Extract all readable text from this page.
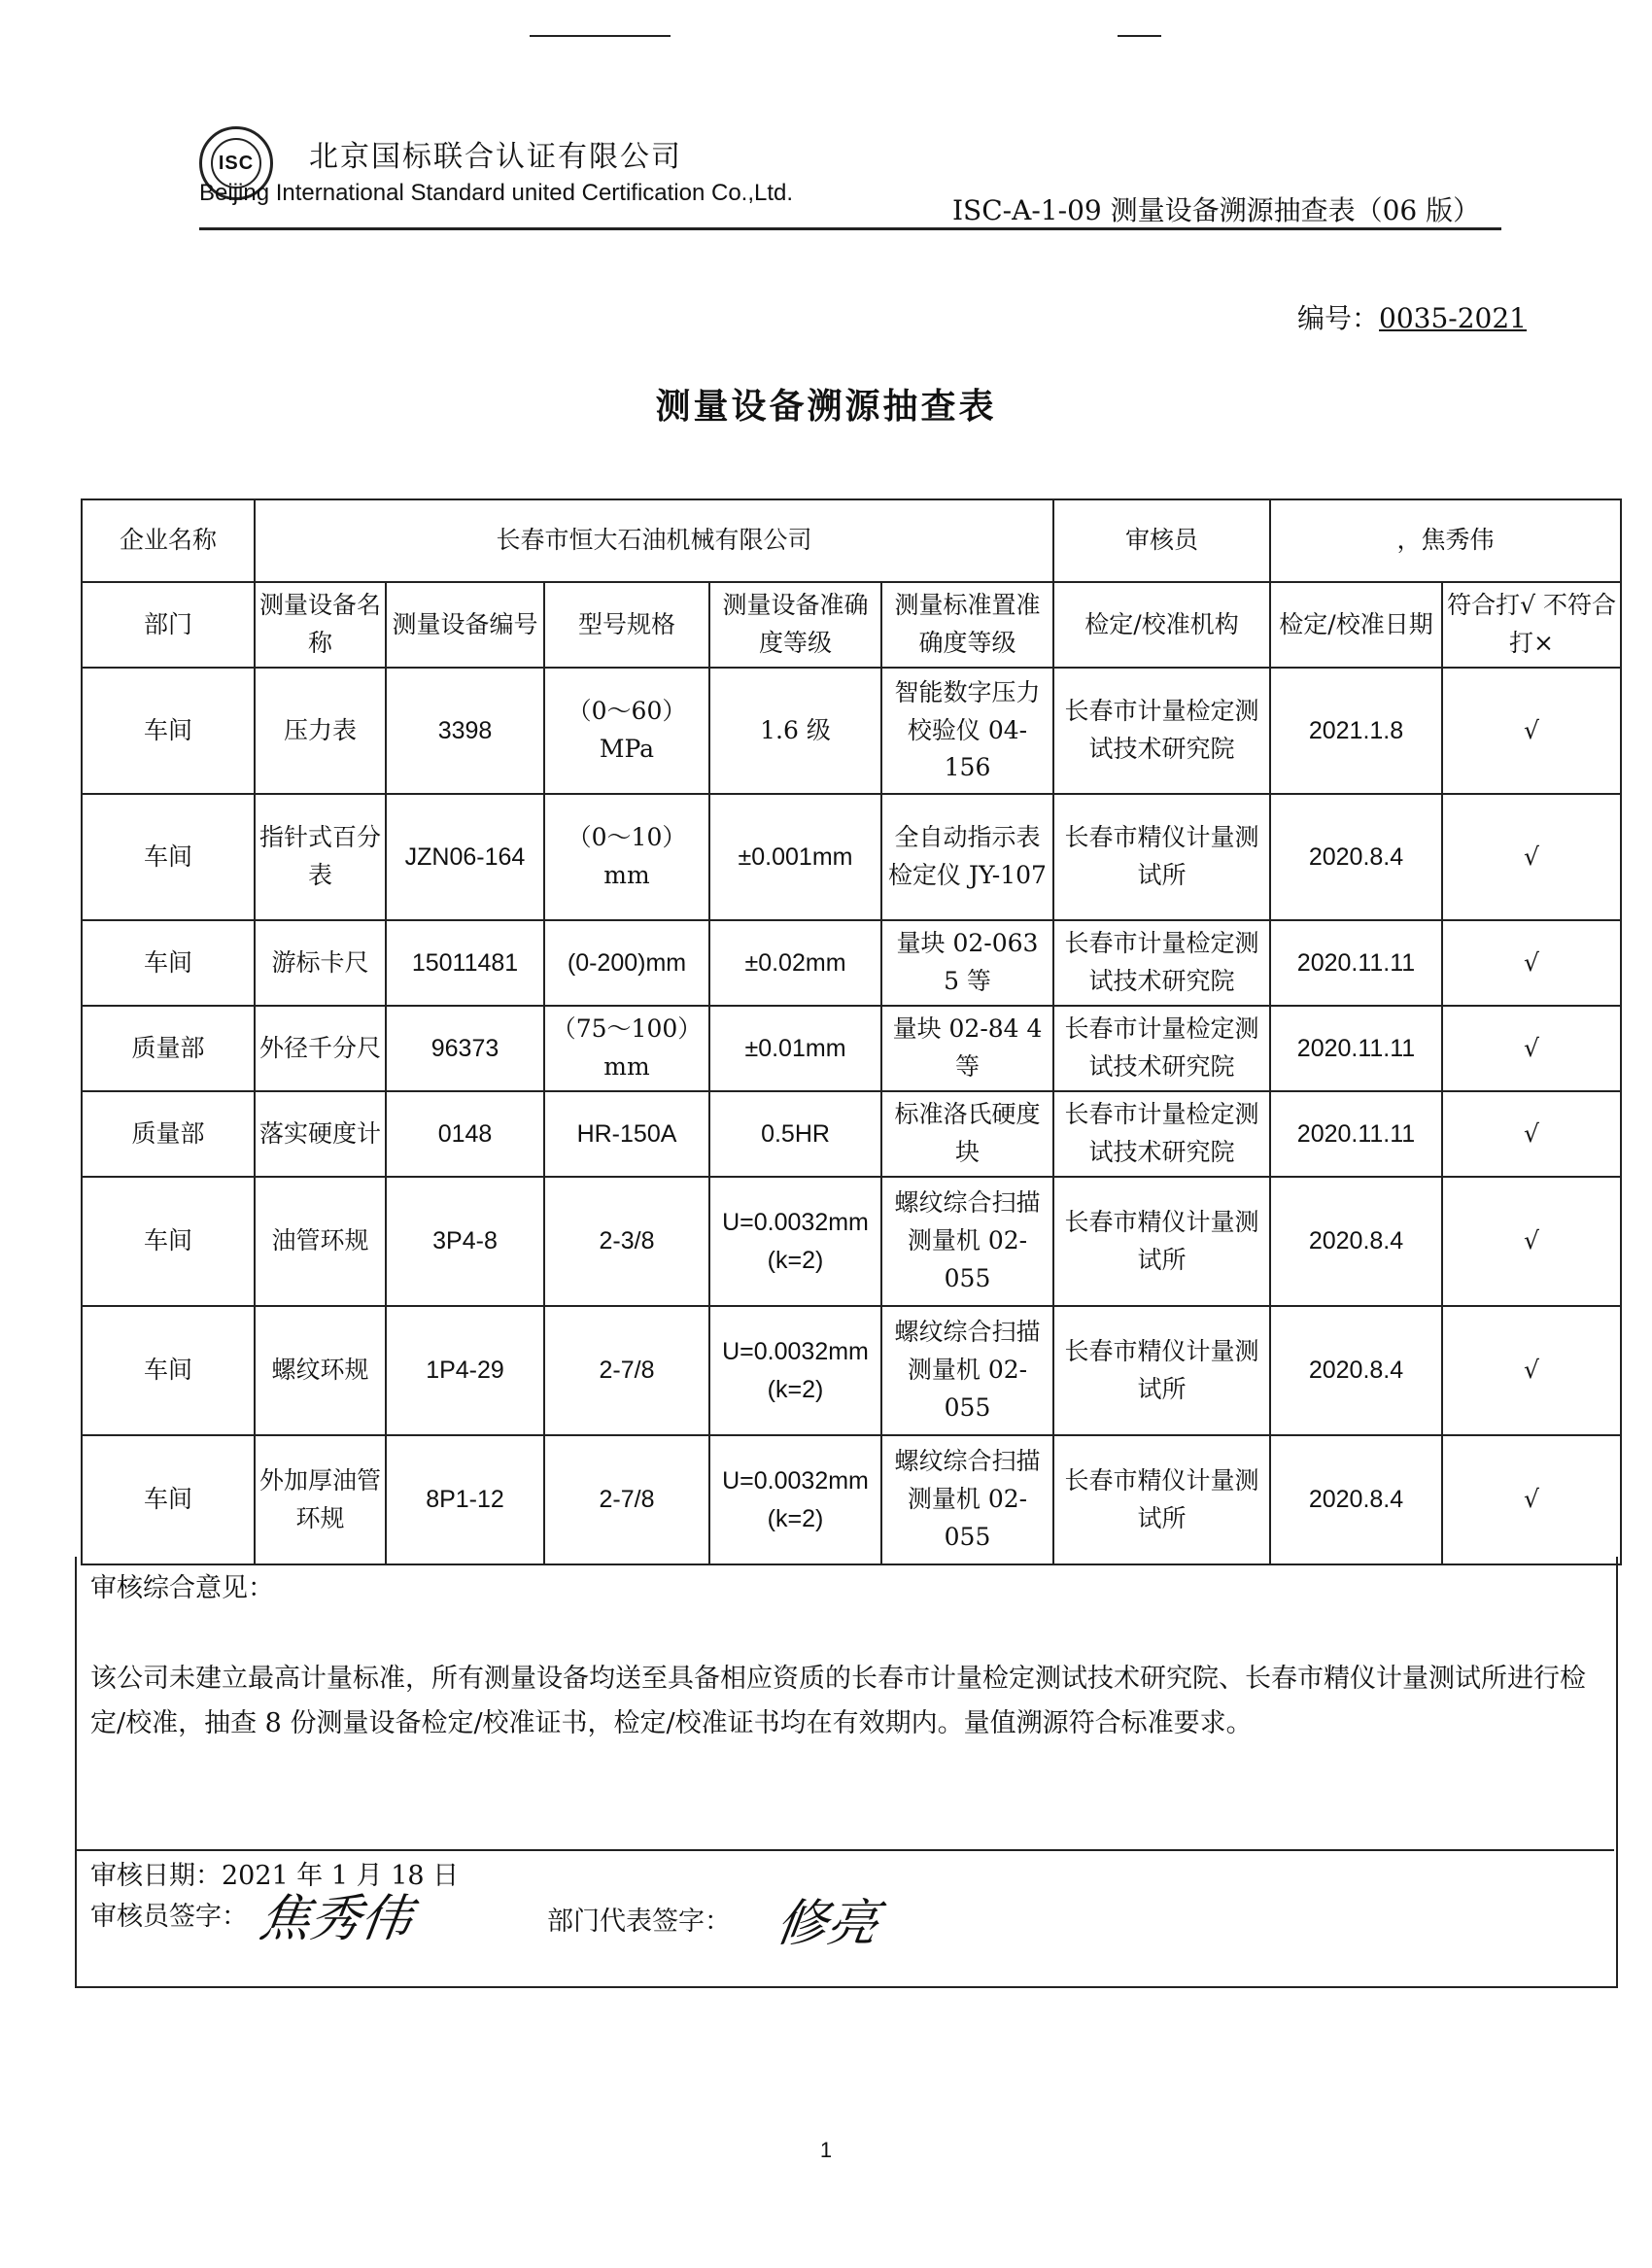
ISC 北京国标联合认证有限公司
Beijing International Standard united Certification Co.,Ltd.
ISC-A-1-09 测量设备溯源抽查表（06 版）
编号：0035-2021
测量设备溯源抽查表
企业名称	长春市恒大石油机械有限公司					审核员	，焦秀伟	
部门	测量设备名称	测量设备编号	型号规格	测量设备准确度等级	测量标准置准确度等级	检定/校准机构	检定/校准日期	符合打√ 不符合打×
车间	压力表	3398	（0～60）MPa	1.6 级	智能数字压力校验仪 04-156	长春市计量检定测试技术研究院	2021.1.8	√
车间	指针式百分表	JZN06-164	（0～10）mm	±0.001mm	全自动指示表检定仪 JY-107	长春市精仪计量测试所	2020.8.4	√
车间	游标卡尺	15011481	(0-200)mm	±0.02mm	量块 02-063 5 等	长春市计量检定测试技术研究院	2020.11.11	√
质量部	外径千分尺	96373	（75～100）mm	±0.01mm	量块 02-84 4 等	长春市计量检定测试技术研究院	2020.11.11	√
质量部	落实硬度计	0148	HR-150A	0.5HR	标准洛氏硬度块	长春市计量检定测试技术研究院	2020.11.11	√
车间	油管环规	3P4-8	2-3/8	U=0.0032mm (k=2)	螺纹综合扫描测量机 02-055	长春市精仪计量测试所	2020.8.4	√
车间	螺纹环规	1P4-29	2-7/8	U=0.0032mm (k=2)	螺纹综合扫描测量机 02-055	长春市精仪计量测试所	2020.8.4	√
车间	外加厚油管环规	8P1-12	2-7/8	U=0.0032mm (k=2)	螺纹综合扫描测量机 02-055	长春市精仪计量测试所	2020.8.4	√
审核综合意见：
该公司未建立最高计量标准，所有测量设备均送至具备相应资质的长春市计量检定测试技术研究院、长春市精仪计量测试所进行检定/校准，抽查 8 份测量设备检定/校准证书，检定/校准证书均在有效期内。量值溯源符合标准要求。
审核日期：2021 年 1 月 18 日
审核员签字： 焦秀伟	部门代表签字： 修亮
1
